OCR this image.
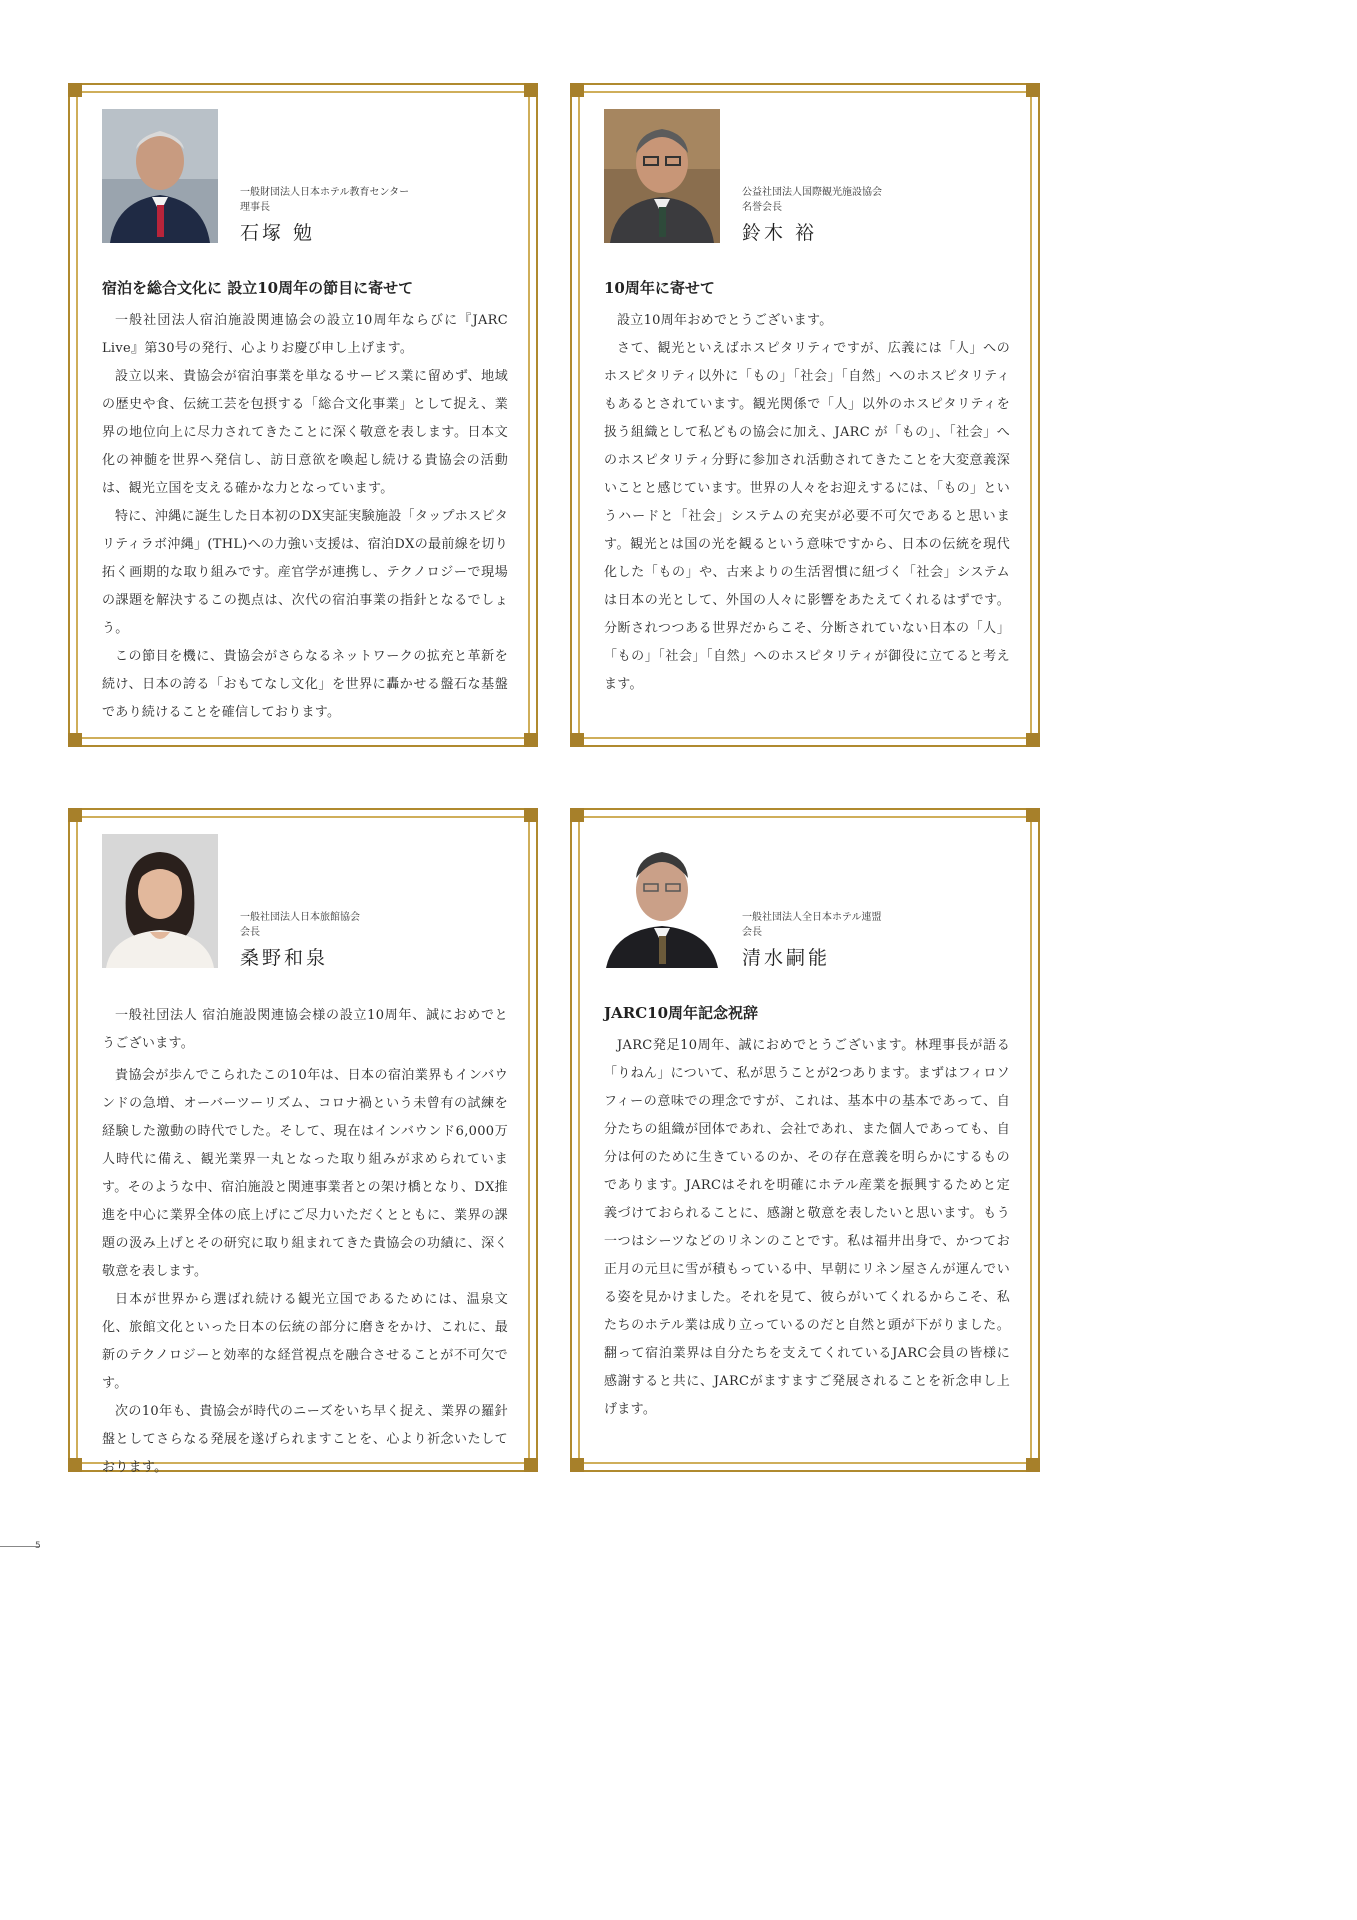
一般財団法人日本ホテル教育センター
理事長
石塚 勉

宿泊を総合文化に 設立10周年の節目に寄せて

一般社団法人宿泊施設関連協会の設立10周年ならびに『JARC Live』第30号の発行、心よりお慶び申し上げます。

設立以来、貴協会が宿泊事業を単なるサービス業に留めず、地域の歴史や食、伝統工芸を包摂する「総合文化事業」として捉え、業界の地位向上に尽力されてきたことに深く敬意を表します。日本文化の神髄を世界へ発信し、訪日意欲を喚起し続ける貴協会の活動は、観光立国を支える確かな力となっています。

特に、沖縄に誕生した日本初のDX実証実験施設「タップホスピタリティラボ沖縄」(THL)への力強い支援は、宿泊DXの最前線を切り拓く画期的な取り組みです。産官学が連携し、テクノロジーで現場の課題を解決するこの拠点は、次代の宿泊事業の指針となるでしょう。

この節目を機に、貴協会がさらなるネットワークの拡充と革新を続け、日本の誇る「おもてなし文化」を世界に轟かせる盤石な基盤であり続けることを確信しております。

公益社団法人国際観光施設協会
名誉会長
鈴木 裕

10周年に寄せて

設立10周年おめでとうございます。

さて、観光といえばホスピタリティですが、広義には「人」へのホスピタリティ以外に「もの」「社会」「自然」へのホスピタリティもあるとされています。観光関係で「人」以外のホスピタリティを扱う組織として私どもの協会に加え、JARC が「もの」、「社会」へのホスピタリティ分野に参加され活動されてきたことを大変意義深いことと感じています。世界の人々をお迎えするには、「もの」というハードと「社会」システムの充実が必要不可欠であると思います。観光とは国の光を観るという意味ですから、日本の伝統を現代化した「もの」や、古来よりの生活習慣に紐づく「社会」システムは日本の光として、外国の人々に影響をあたえてくれるはずです。分断されつつある世界だからこそ、分断されていない日本の「人」「もの」「社会」「自然」へのホスピタリティが御役に立てると考えます。

一般社団法人日本旅館協会
会長
桑野和泉

一般社団法人 宿泊施設関連協会様の設立10周年、誠におめでとうございます。

貴協会が歩んでこられたこの10年は、日本の宿泊業界もインバウンドの急増、オーバーツーリズム、コロナ禍という未曾有の試練を経験した激動の時代でした。そして、現在はインバウンド6,000万人時代に備え、観光業界一丸となった取り組みが求められています。そのような中、宿泊施設と関連事業者との架け橋となり、DX推進を中心に業界全体の底上げにご尽力いただくとともに、業界の課題の汲み上げとその研究に取り組まれてきた貴協会の功績に、深く敬意を表します。

日本が世界から選ばれ続ける観光立国であるためには、温泉文化、旅館文化といった日本の伝統の部分に磨きをかけ、これに、最新のテクノロジーと効率的な経営視点を融合させることが不可欠です。

次の10年も、貴協会が時代のニーズをいち早く捉え、業界の羅針盤としてさらなる発展を遂げられますことを、心より祈念いたしております。

一般社団法人全日本ホテル連盟
会長
清水嗣能

JARC10周年記念祝辞

JARC発足10周年、誠におめでとうございます。林理事長が語る「りねん」について、私が思うことが2つあります。まずはフィロソフィーの意味での理念ですが、これは、基本中の基本であって、自分たちの組織が団体であれ、会社であれ、また個人であっても、自分は何のために生きているのか、その存在意義を明らかにするものであります。JARCはそれを明確にホテル産業を振興するためと定義づけておられることに、感謝と敬意を表したいと思います。もう一つはシーツなどのリネンのことです。私は福井出身で、かつてお正月の元旦に雪が積もっている中、早朝にリネン屋さんが運んでいる姿を見かけました。それを見て、彼らがいてくれるからこそ、私たちのホテル業は成り立っているのだと自然と頭が下がりました。翻って宿泊業界は自分たちを支えてくれているJARC会員の皆様に感謝すると共に、JARCがますますご発展されることを祈念申し上げます。

5
